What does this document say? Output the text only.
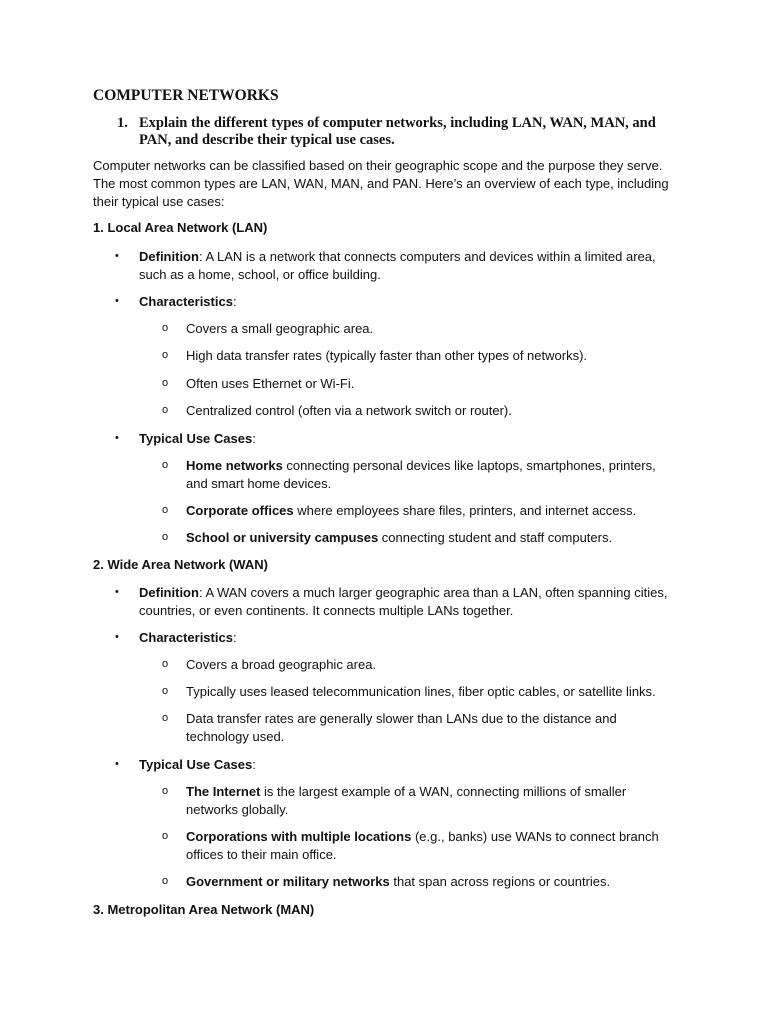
COMPUTER NETWORKS
1. Explain the different types of computer networks, including LAN, WAN, MAN, and PAN, and describe their typical use cases.
Computer networks can be classified based on their geographic scope and the purpose they serve. The most common types are LAN, WAN, MAN, and PAN. Here’s an overview of each type, including their typical use cases:
1. Local Area Network (LAN)
• Definition: A LAN is a network that connects computers and devices within a limited area, such as a home, school, or office building.
• Characteristics:
o Covers a small geographic area.
o High data transfer rates (typically faster than other types of networks).
o Often uses Ethernet or Wi-Fi.
o Centralized control (often via a network switch or router).
• Typical Use Cases:
o Home networks connecting personal devices like laptops, smartphones, printers, and smart home devices.
o Corporate offices where employees share files, printers, and internet access.
o School or university campuses connecting student and staff computers.
2. Wide Area Network (WAN)
• Definition: A WAN covers a much larger geographic area than a LAN, often spanning cities, countries, or even continents. It connects multiple LANs together.
• Characteristics:
o Covers a broad geographic area.
o Typically uses leased telecommunication lines, fiber optic cables, or satellite links.
o Data transfer rates are generally slower than LANs due to the distance and technology used.
• Typical Use Cases:
o The Internet is the largest example of a WAN, connecting millions of smaller networks globally.
o Corporations with multiple locations (e.g., banks) use WANs to connect branch offices to their main office.
o Government or military networks that span across regions or countries.
3. Metropolitan Area Network (MAN)
